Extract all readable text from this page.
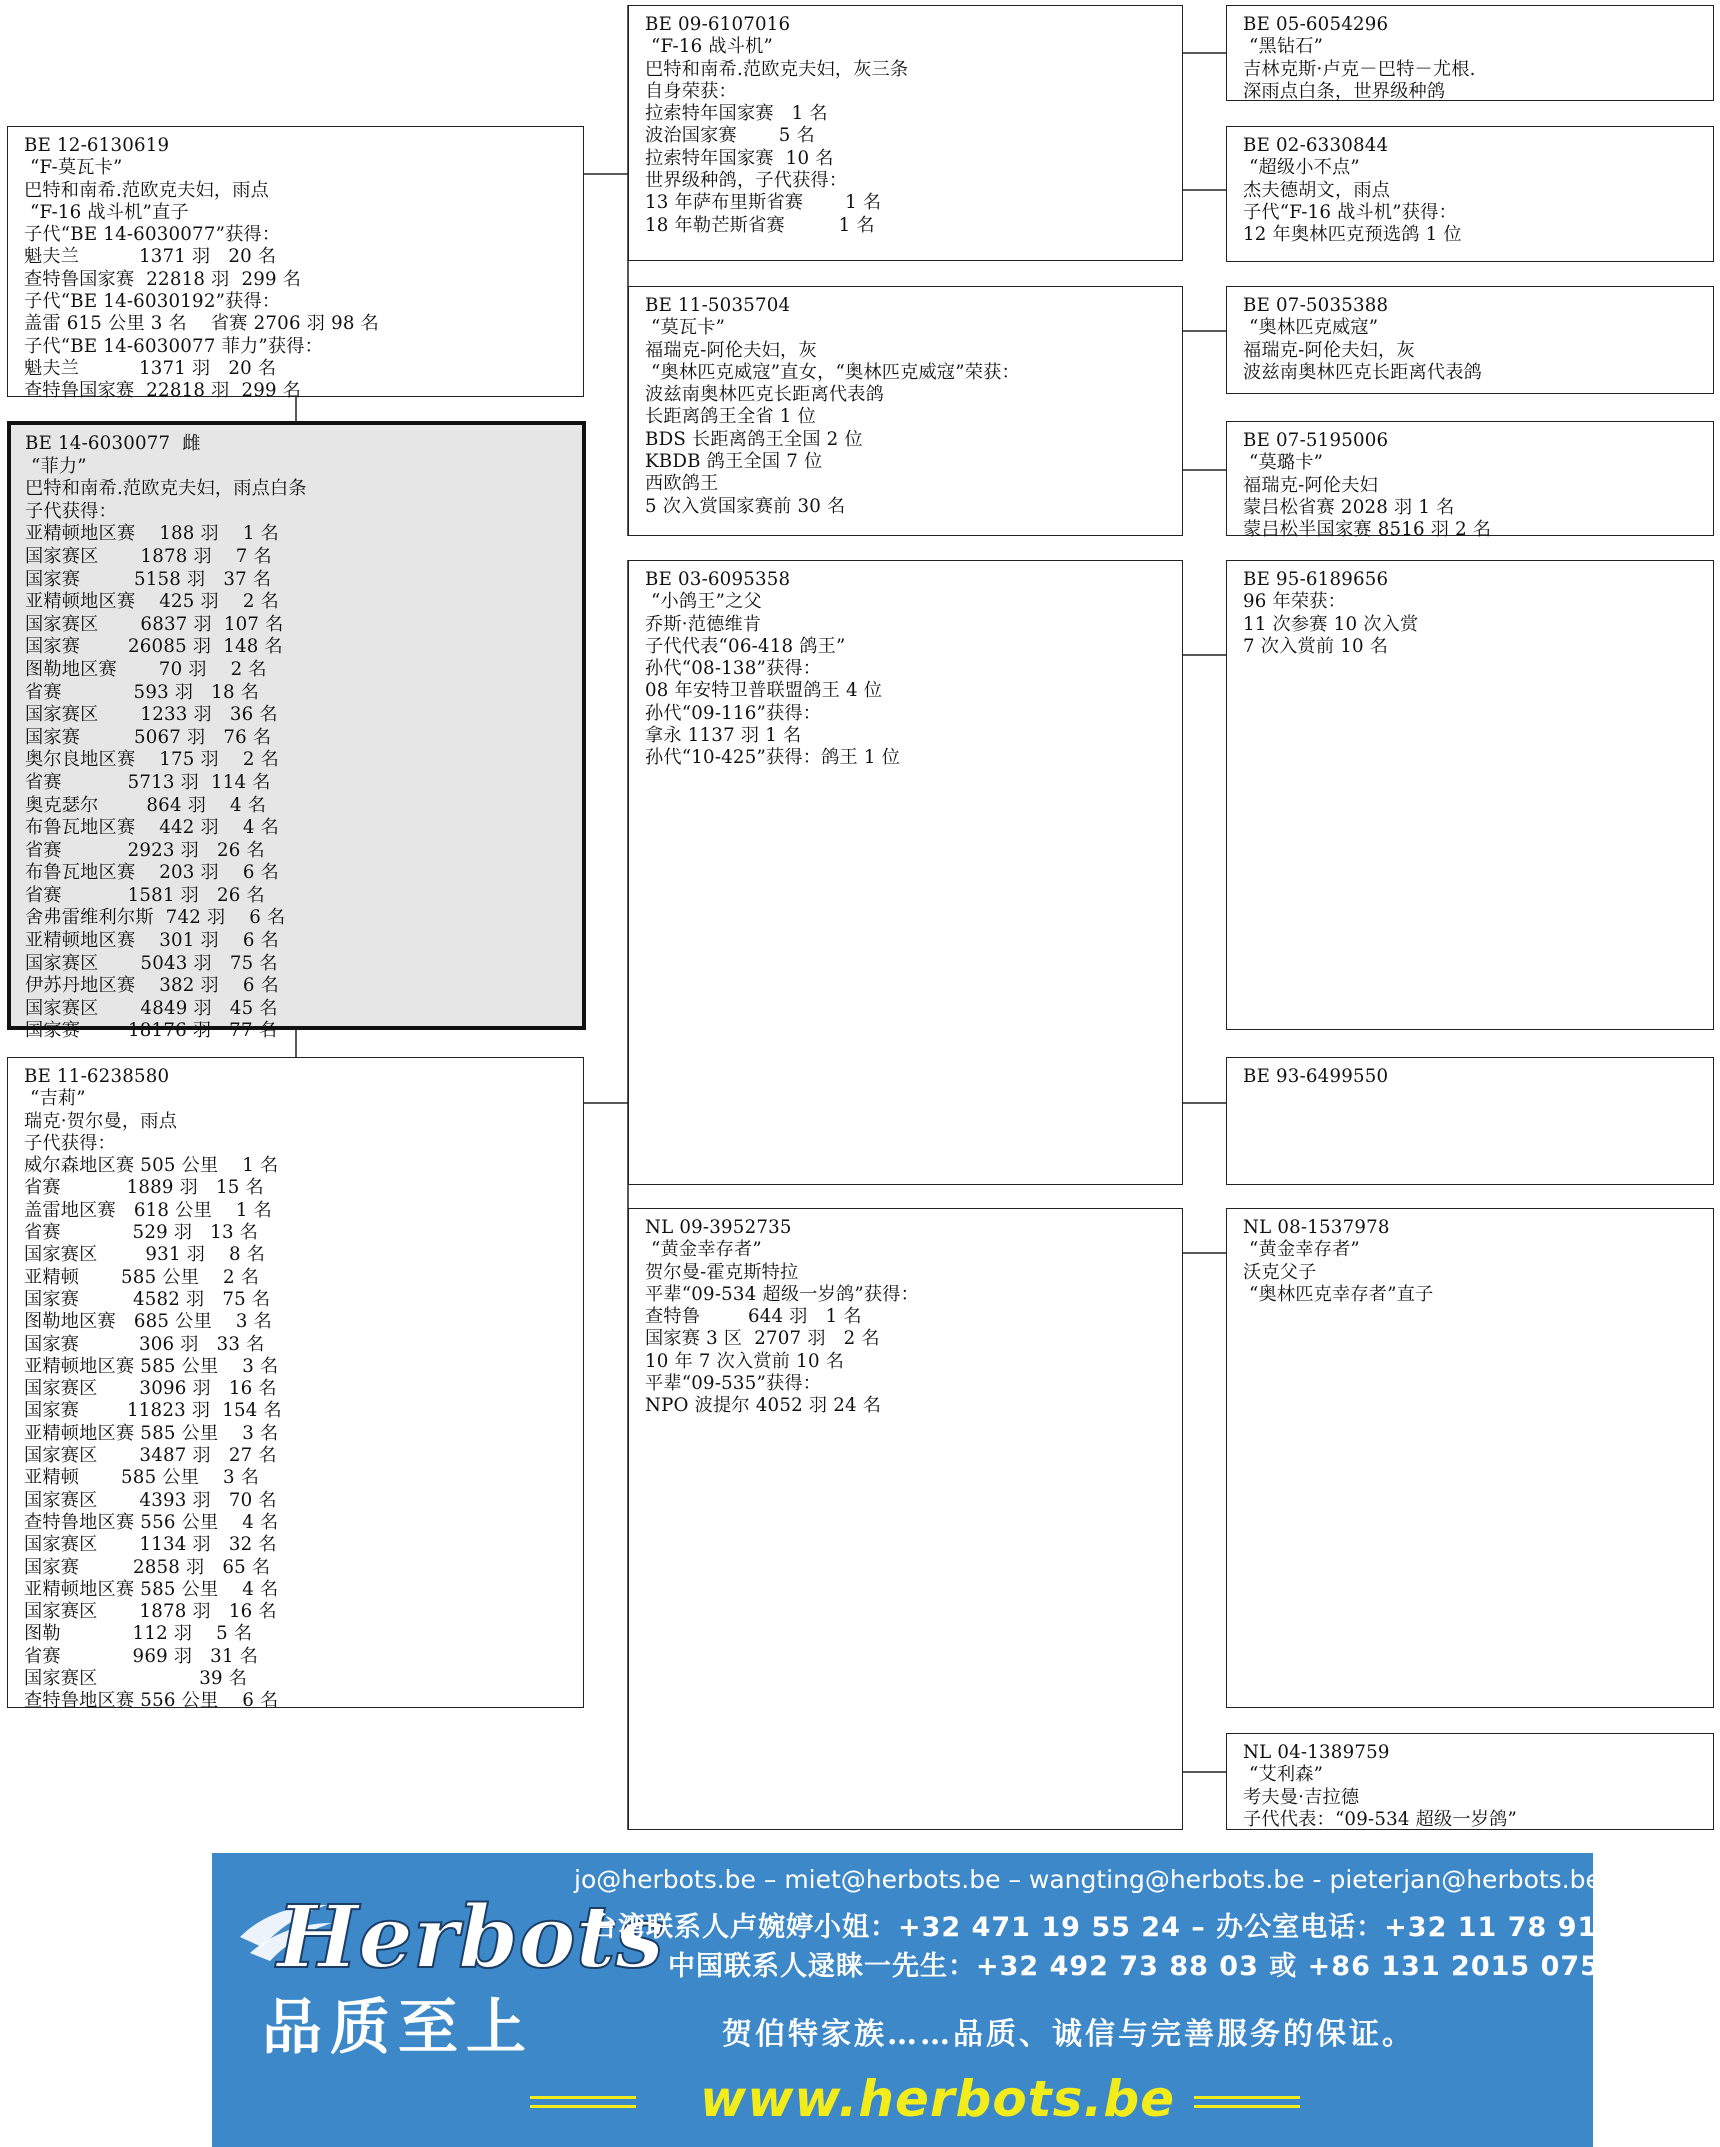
BE 12-6130619
“F-莫瓦卡”
巴特和南希.范欧克夫妇，雨点
“F-16 战斗机”直子
子代“BE 14-6030077”获得：
魁夫兰          1371 羽   20 名
查特鲁国家赛  22818 羽  299 名
子代“BE 14-6030192”获得：
盖雷 615 公里 3 名    省赛 2706 羽 98 名
子代“BE 14-6030077 菲力”获得：
魁夫兰          1371 羽   20 名
查特鲁国家赛  22818 羽  299 名
BE 14-6030077  雌
“菲力”
巴特和南希.范欧克夫妇，雨点白条
子代获得：
亚精顿地区赛    188 羽    1 名
国家赛区       1878 羽    7 名
国家赛         5158 羽   37 名
亚精顿地区赛    425 羽    2 名
国家赛区       6837 羽  107 名
国家赛        26085 羽  148 名
图勒地区赛       70 羽    2 名
省赛            593 羽   18 名
国家赛区       1233 羽   36 名
国家赛         5067 羽   76 名
奥尔良地区赛    175 羽    2 名
省赛           5713 羽  114 名
奥克瑟尔        864 羽    4 名
布鲁瓦地区赛    442 羽    4 名
省赛           2923 羽   26 名
布鲁瓦地区赛    203 羽    6 名
省赛           1581 羽   26 名
舍弗雷维利尔斯  742 羽    6 名
亚精顿地区赛    301 羽    6 名
国家赛区       5043 羽   75 名
伊苏丹地区赛    382 羽    6 名
国家赛区       4849 羽   45 名
国家赛        18176 羽   77 名
BE 11-6238580
“吉莉”
瑞克·贺尔曼，雨点
子代获得：
威尔森地区赛 505 公里    1 名
省赛           1889 羽   15 名
盖雷地区赛   618 公里    1 名
省赛            529 羽   13 名
国家赛区        931 羽    8 名
亚精顿       585 公里    2 名
国家赛         4582 羽   75 名
图勒地区赛   685 公里    3 名
国家赛          306 羽   33 名
亚精顿地区赛 585 公里    3 名
国家赛区       3096 羽   16 名
国家赛        11823 羽  154 名
亚精顿地区赛 585 公里    3 名
国家赛区       3487 羽   27 名
亚精顿       585 公里    3 名
国家赛区       4393 羽   70 名
查特鲁地区赛 556 公里    4 名
国家赛区       1134 羽   32 名
国家赛         2858 羽   65 名
亚精顿地区赛 585 公里    4 名
国家赛区       1878 羽   16 名
图勒            112 羽    5 名
省赛            969 羽   31 名
国家赛区                 39 名
查特鲁地区赛 556 公里    6 名
BE 09-6107016
“F-16 战斗机”
巴特和南希.范欧克夫妇，灰三条
自身荣获：
拉索特年国家赛   1 名
波治国家赛       5 名
拉索特年国家赛  10 名
世界级种鸽，子代获得：
13 年萨布里斯省赛       1 名
18 年勒芒斯省赛         1 名
BE 11-5035704
“莫瓦卡”
福瑞克-阿伦夫妇，灰
“奥林匹克威寇”直女，“奥林匹克威寇”荣获：
波兹南奥林匹克长距离代表鸽
长距离鸽王全省 1 位
BDS 长距离鸽王全国 2 位
KBDB 鸽王全国 7 位
西欧鸽王
5 次入赏国家赛前 30 名
BE 03-6095358
“小鸽王”之父
乔斯·范德维肯
子代代表“06-418 鸽王”
孙代“08-138”获得：
08 年安特卫普联盟鸽王 4 位
孙代“09-116”获得：
拿永 1137 羽 1 名
孙代“10-425”获得：鸽王 1 位
NL 09-3952735
“黄金幸存者”
贺尔曼-霍克斯特拉
平辈“09-534 超级一岁鸽”获得：
查特鲁        644 羽   1 名
国家赛 3 区  2707 羽   2 名
10 年 7 次入赏前 10 名
平辈“09-535”获得：
NPO 波提尔 4052 羽 24 名
BE 05-6054296
“黑钻石”
吉林克斯·卢克－巴特－尤根.
深雨点白条，世界级种鸽
BE 02-6330844
“超级小不点”
杰夫德胡文，雨点
子代“F-16 战斗机”获得：
12 年奥林匹克预选鸽 1 位
BE 07-5035388
“奥林匹克威寇”
福瑞克-阿伦夫妇，灰
波兹南奥林匹克长距离代表鸽
BE 07-5195006
“莫璐卡”
福瑞克-阿伦夫妇
蒙吕松省赛 2028 羽 1 名
蒙吕松半国家赛 8516 羽 2 名
BE 95-6189656
96 年荣获：
11 次参赛 10 次入赏
7 次入赏前 10 名
BE 93-6499550
NL 08-1537978
“黄金幸存者”
沃克父子
“奥林匹克幸存者”直子
NL 04-1389759
“艾利森”
考夫曼·吉拉德
子代代表：“09-534 超级一岁鸽”
Herbots
品质至上
jo@herbots.be – miet@herbots.be – wangting@herbots.be - pieterjan@herbots.be
台湾联系人卢婉婷小姐：+32 471 19 55 24 – 办公室电话：+32 11 78 91 90
中国联系人逯睐一先生：+32 492 73 88 03 或 +86 131 2015 0755
贺伯特家族……品质、诚信与完善服务的保证。
www.herbots.be
